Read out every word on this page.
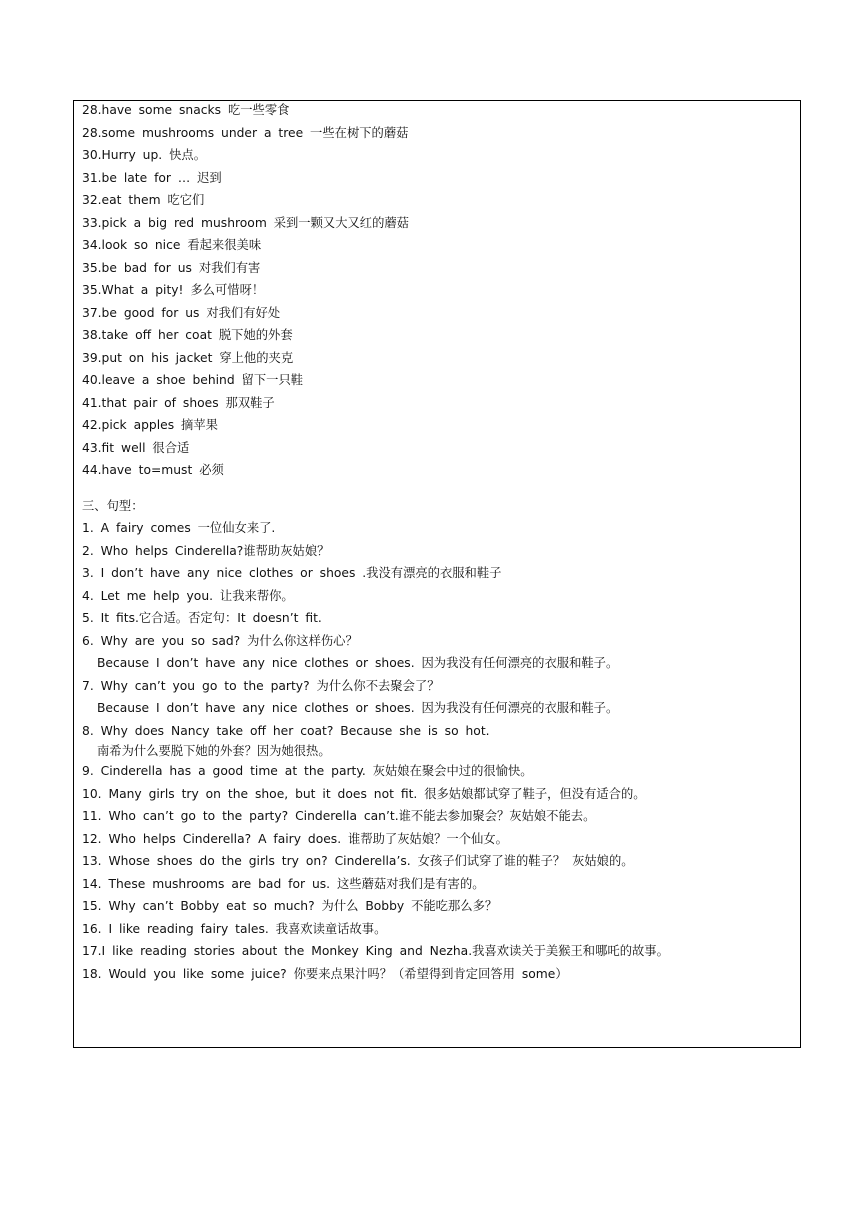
28.have some snacks 吃一些零食
28.some mushrooms under a tree 一些在树下的蘑菇
30.Hurry up. 快点。
31.be late for … 迟到
32.eat them 吃它们
33.pick a big red mushroom 采到一颗又大又红的蘑菇
34.look so nice 看起来很美味
35.be bad for us 对我们有害
35.What a pity! 多么可惜呀！
37.be good for us 对我们有好处
38.take off her coat 脱下她的外套
39.put on his jacket 穿上他的夹克
40.leave a shoe behind 留下一只鞋
41.that pair of shoes 那双鞋子
42.pick apples 摘苹果
43.fit well 很合适
44.have to=must 必须
三、句型：
1. A fairy comes 一位仙女来了.
2. Who helps Cinderella?谁帮助灰姑娘？
3. I don’t have any nice clothes or shoes .我没有漂亮的衣服和鞋子
4. Let me help you. 让我来帮你。
5. It fits.它合适。否定句：It doesn’t fit.
6. Why are you so sad? 为什么你这样伤心？
Because I don’t have any nice clothes or shoes. 因为我没有任何漂亮的衣服和鞋子。
7. Why can’t you go to the party? 为什么你不去聚会了？
Because I don’t have any nice clothes or shoes. 因为我没有任何漂亮的衣服和鞋子。
8. Why does Nancy take off her coat? Because she is so hot.
南希为什么要脱下她的外套？因为她很热。
9. Cinderella has a good time at the party. 灰姑娘在聚会中过的很愉快。
10. Many girls try on the shoe, but it does not fit. 很多姑娘都试穿了鞋子，但没有适合的。
11. Who can’t go to the party? Cinderella can’t.谁不能去参加聚会？灰姑娘不能去。
12. Who helps Cinderella? A fairy does. 谁帮助了灰姑娘？一个仙女。
13. Whose shoes do the girls try on? Cinderella’s. 女孩子们试穿了谁的鞋子？ 灰姑娘的。
14. These mushrooms are bad for us. 这些蘑菇对我们是有害的。
15. Why can’t Bobby eat so much? 为什么 Bobby 不能吃那么多？
16. I like reading fairy tales. 我喜欢读童话故事。
17.I like reading stories about the Monkey King and Nezha.我喜欢读关于美猴王和哪吒的故事。
18. Would you like some juice? 你要来点果汁吗？（希望得到肯定回答用 some）
